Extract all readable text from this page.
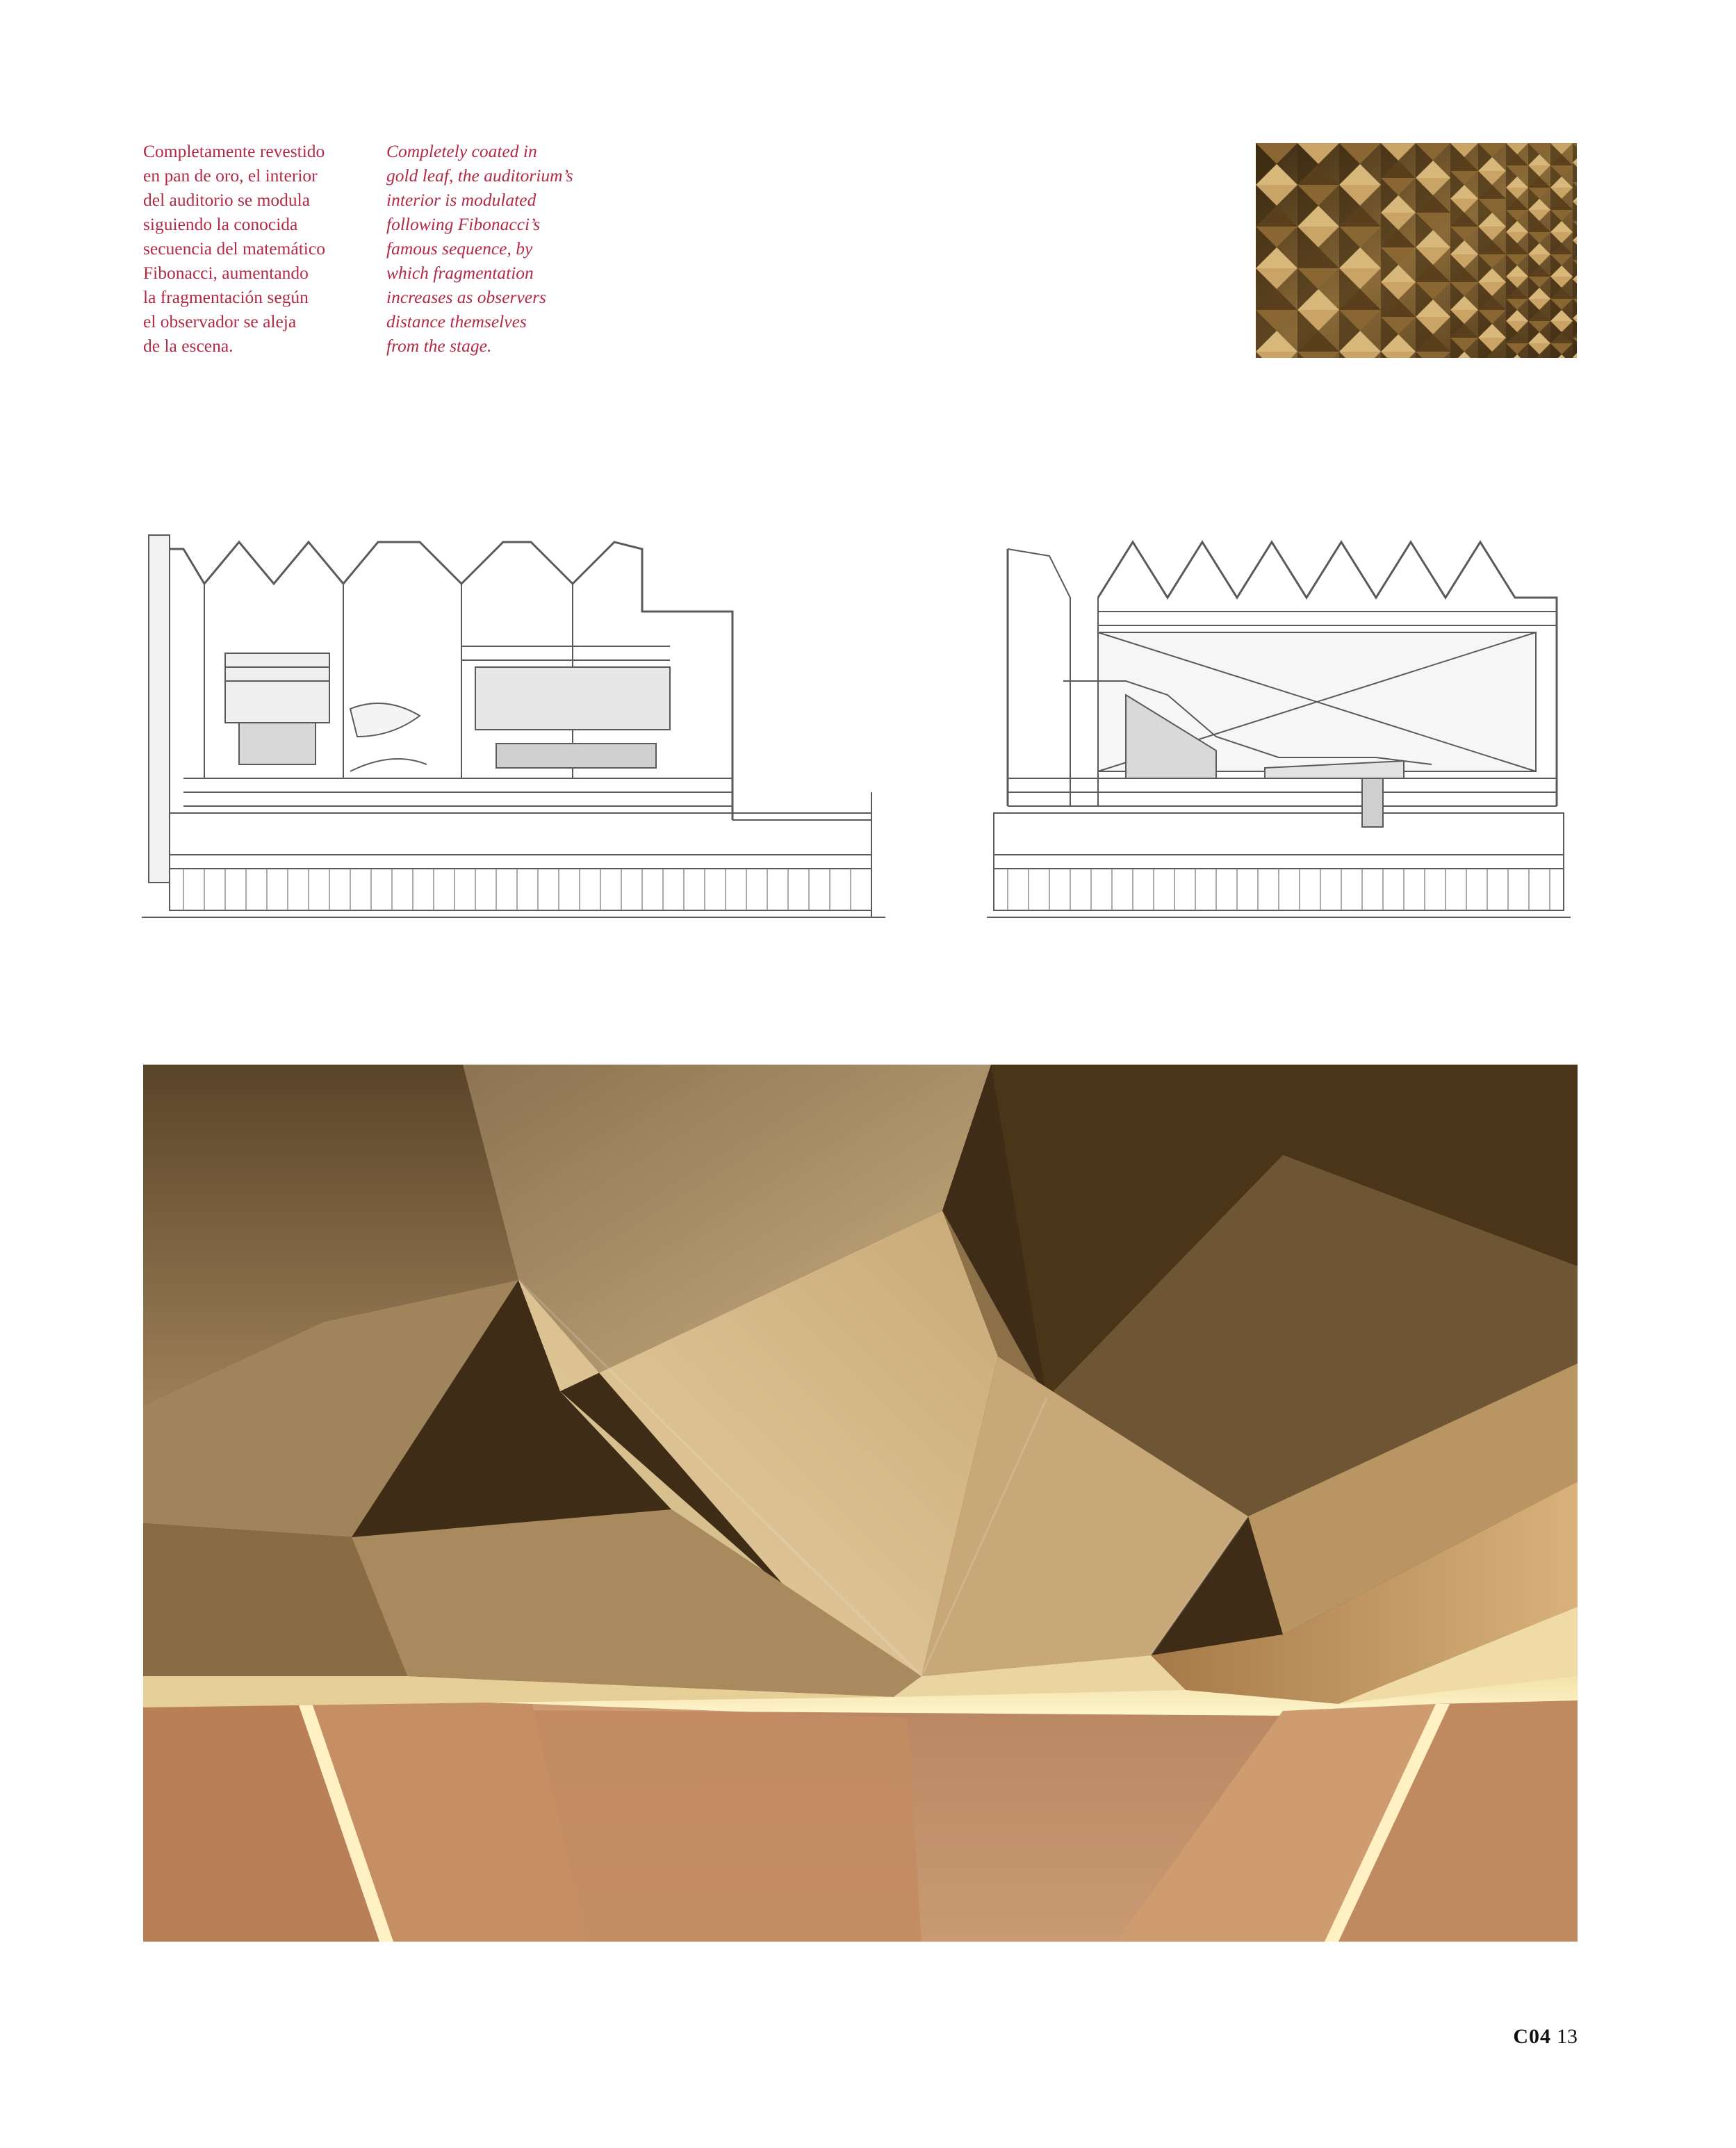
Completamente revestido
en pan de oro, el interior
del auditorio se modula
siguiendo la conocida
secuencia del matemático
Fibonacci, aumentando
la fragmentación según
el observador se aleja
de la escena.
Completely coated in
gold leaf, the auditorium’s
interior is modulated
following Fibonacci’s
famous sequence, by
which fragmentation
increases as observers
distance themselves
from the stage.
C04 13
